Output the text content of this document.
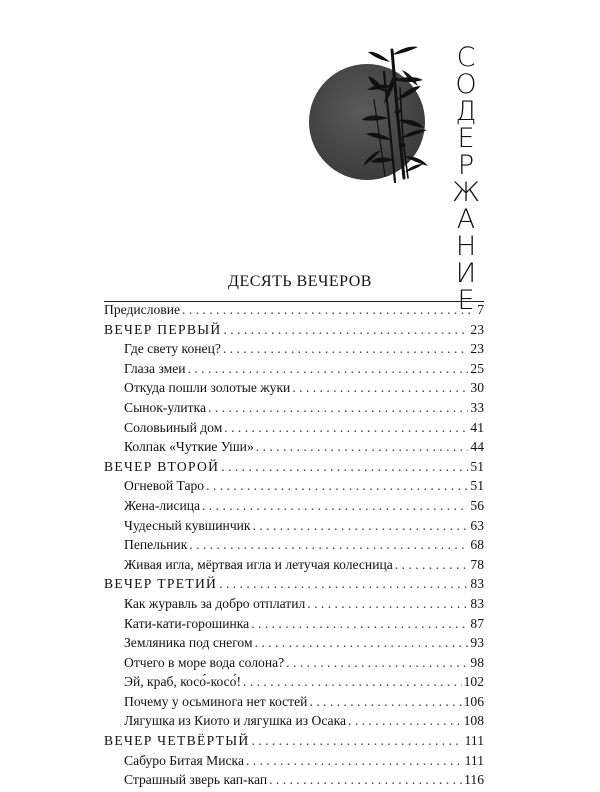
С
О
Д
Е
Р
Ж
А
Н
И
Е
ДЕСЯТЬ ВЕЧЕРОВ
Предисловие . . .	7
ВЕЧЕР ПЕРВЫЙ . . .	23
Где свету конец? . . .	23
Глаза змеи . . .	25
Откуда пошли золотые жуки . . .	30
Сынок-улитка . . .	33
Соловьиный дом . . .	41
Колпак «Чуткие Уши» . . .	44
ВЕЧЕР ВТОРОЙ . . .	51
Огневой Таро . . .	51
Жена-лисица . . .	56
Чудесный кувшинчик . . .	63
Пепельник . . .	68
Живая игла, мёртвая игла и летучая колесница . . .	78
ВЕЧЕР ТРЕТИЙ . . .	83
Как журавль за добро отплатил . . .	83
Кати-кати-горошинка . . .	87
Земляника под снегом . . .	93
Отчего в море вода солона? . . .	98
Эй, краб, косо́-косо́! . . .	102
Почему у осьминога нет костей . . .	106
Лягушка из Киото и лягушка из Осака . . .	108
ВЕЧЕР ЧЕТВЁРТЫЙ . . .	111
Сабуро Битая Миска . . .	111
Страшный зверь кап-кап . . .	116
